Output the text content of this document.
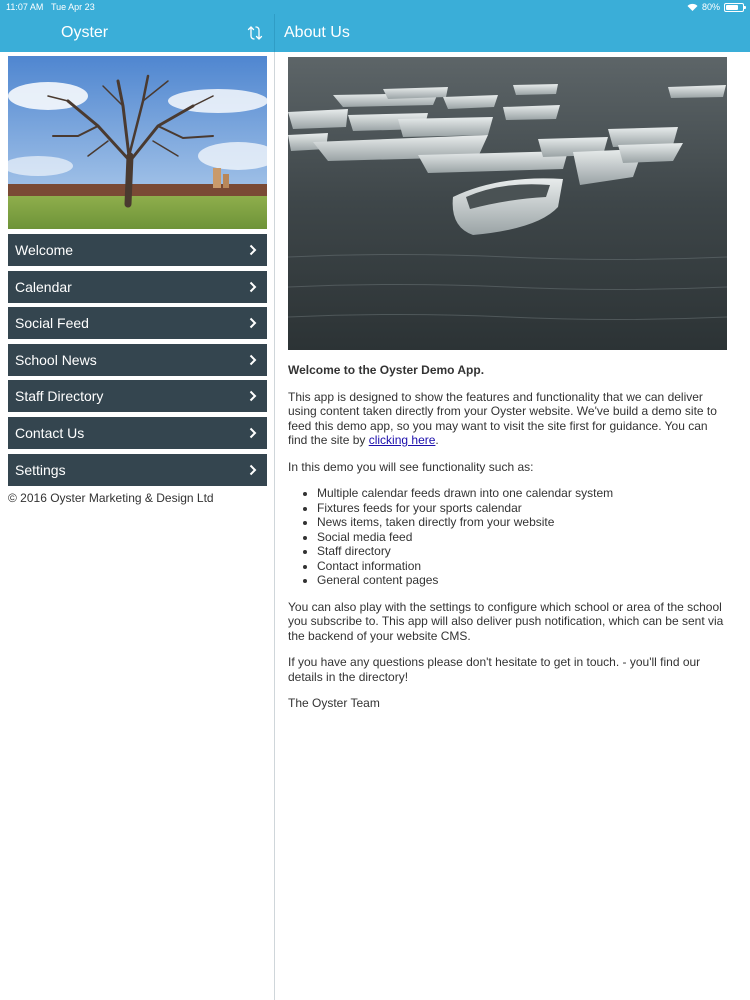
11:07 AM Tue Apr 23	80%
Oyster	About Us
Welcome
Calendar
Social Feed
School News
Staff Directory
Contact Us
Settings
© 2016 Oyster Marketing & Design Ltd

Welcome to the Oyster Demo App.

This app is designed to show the features and functionality that we can deliver using content taken directly from your Oyster website. We've build a demo site to feed this demo app, so you may want to visit the site first for guidance. You can find the site by clicking here.

In this demo you will see functionality such as:

• Multiple calendar feeds drawn into one calendar system
• Fixtures feeds for your sports calendar
• News items, taken directly from your website
• Social media feed
• Staff directory
• Contact information
• General content pages

You can also play with the settings to configure which school or area of the school you subscribe to. This app will also deliver push notification, which can be sent via the backend of your website CMS.

If you have any questions please don't hesitate to get in touch. - you'll find our details in the directory!

The Oyster Team
